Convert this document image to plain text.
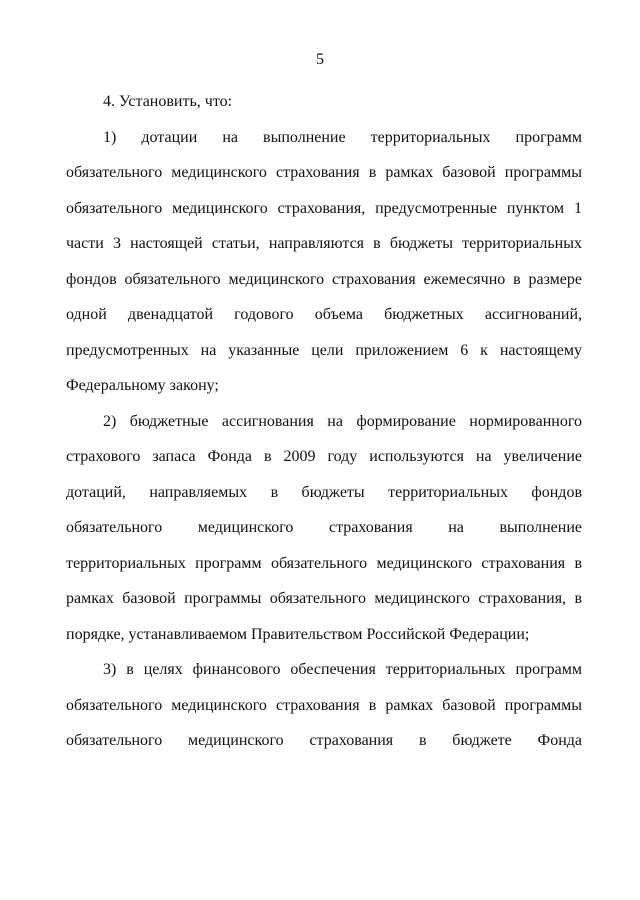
5
4. Установить, что:
1) дотации на выполнение территориальных программ
обязательного медицинского страхования в рамках базовой программы
обязательного медицинского страхования, предусмотренные пунктом 1
части 3 настоящей статьи, направляются в бюджеты территориальных
фондов обязательного медицинского страхования ежемесячно в размере
одной двенадцатой годового объема бюджетных ассигнований,
предусмотренных на указанные цели приложением 6 к настоящему
Федеральному закону;
2) бюджетные ассигнования на формирование нормированного
страхового запаса Фонда в 2009 году используются на увеличение
дотаций, направляемых в бюджеты территориальных фондов
обязательного медицинского страхования на выполнение
территориальных программ обязательного медицинского страхования в
рамках базовой программы обязательного медицинского страхования, в
порядке, устанавливаемом Правительством Российской Федерации;
3) в целях финансового обеспечения территориальных программ
обязательного медицинского страхования в рамках базовой программы
обязательного медицинского страхования в бюджете Фонда
